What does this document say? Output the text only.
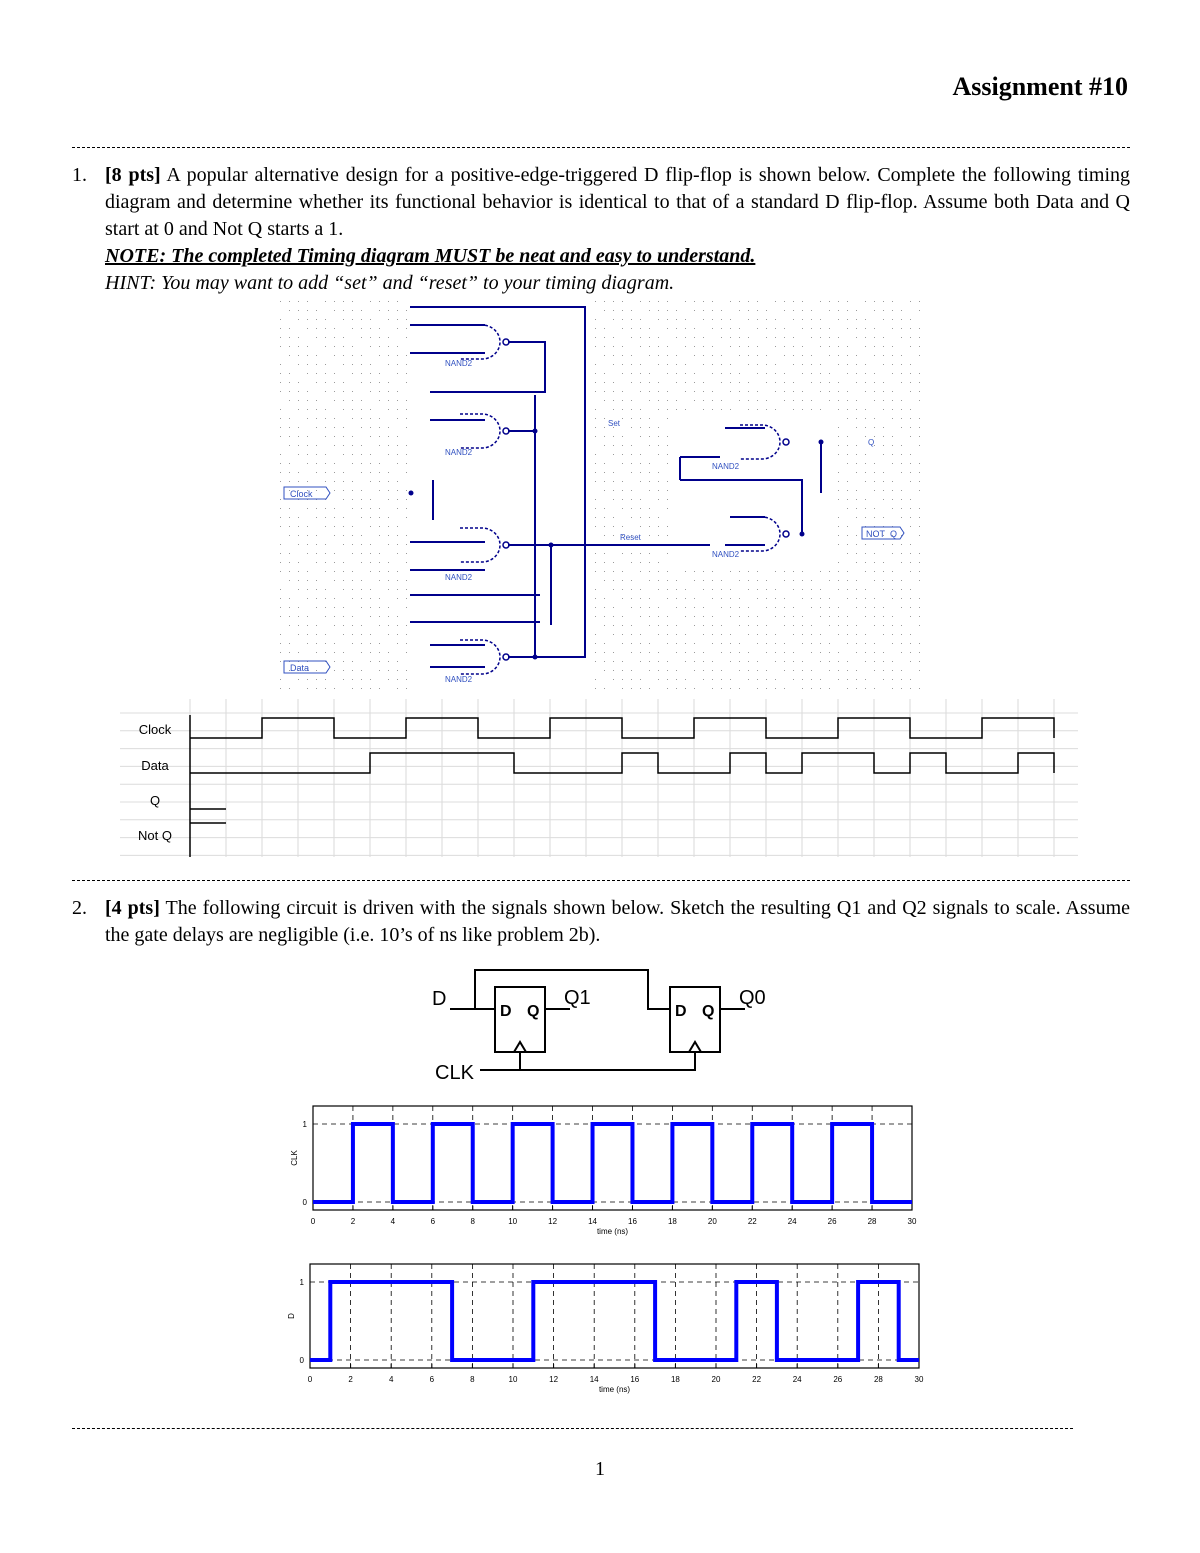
Assignment #10
1. [8 pts] A popular alternative design for a positive-edge-triggered D flip-flop is shown below. Complete the following timing diagram and determine whether its functional behavior is identical to that of a standard D flip-flop. Assume both Data and Q start at 0 and Not Q starts a 1.
NOTE: The completed Timing diagram MUST be neat and easy to understand.
HINT: You may want to add “set” and “reset” to your timing diagram.
NAND2
NAND2
NAND2
NAND2
NAND2
NAND2
Set
Reset
Q
Clock
Data
NOT_Q
Clock
Data
Q
Not Q
2. [4 pts] The following circuit is driven with the signals shown below. Sketch the resulting Q1 and Q2 signals to scale. Assume the gate delays are negligible (i.e. 10’s of ns like problem 2b).
D
CLK
Q1	Q0
D Q	D Q
0	2	4	6	8	10	12	14	16	18	20	22	24	26	28	30
0
1
time (ns)
CLK
0	2	4	6	8	10	12	14	16	18	20	22	24	26	28	30
0
1
time (ns)
D
1
